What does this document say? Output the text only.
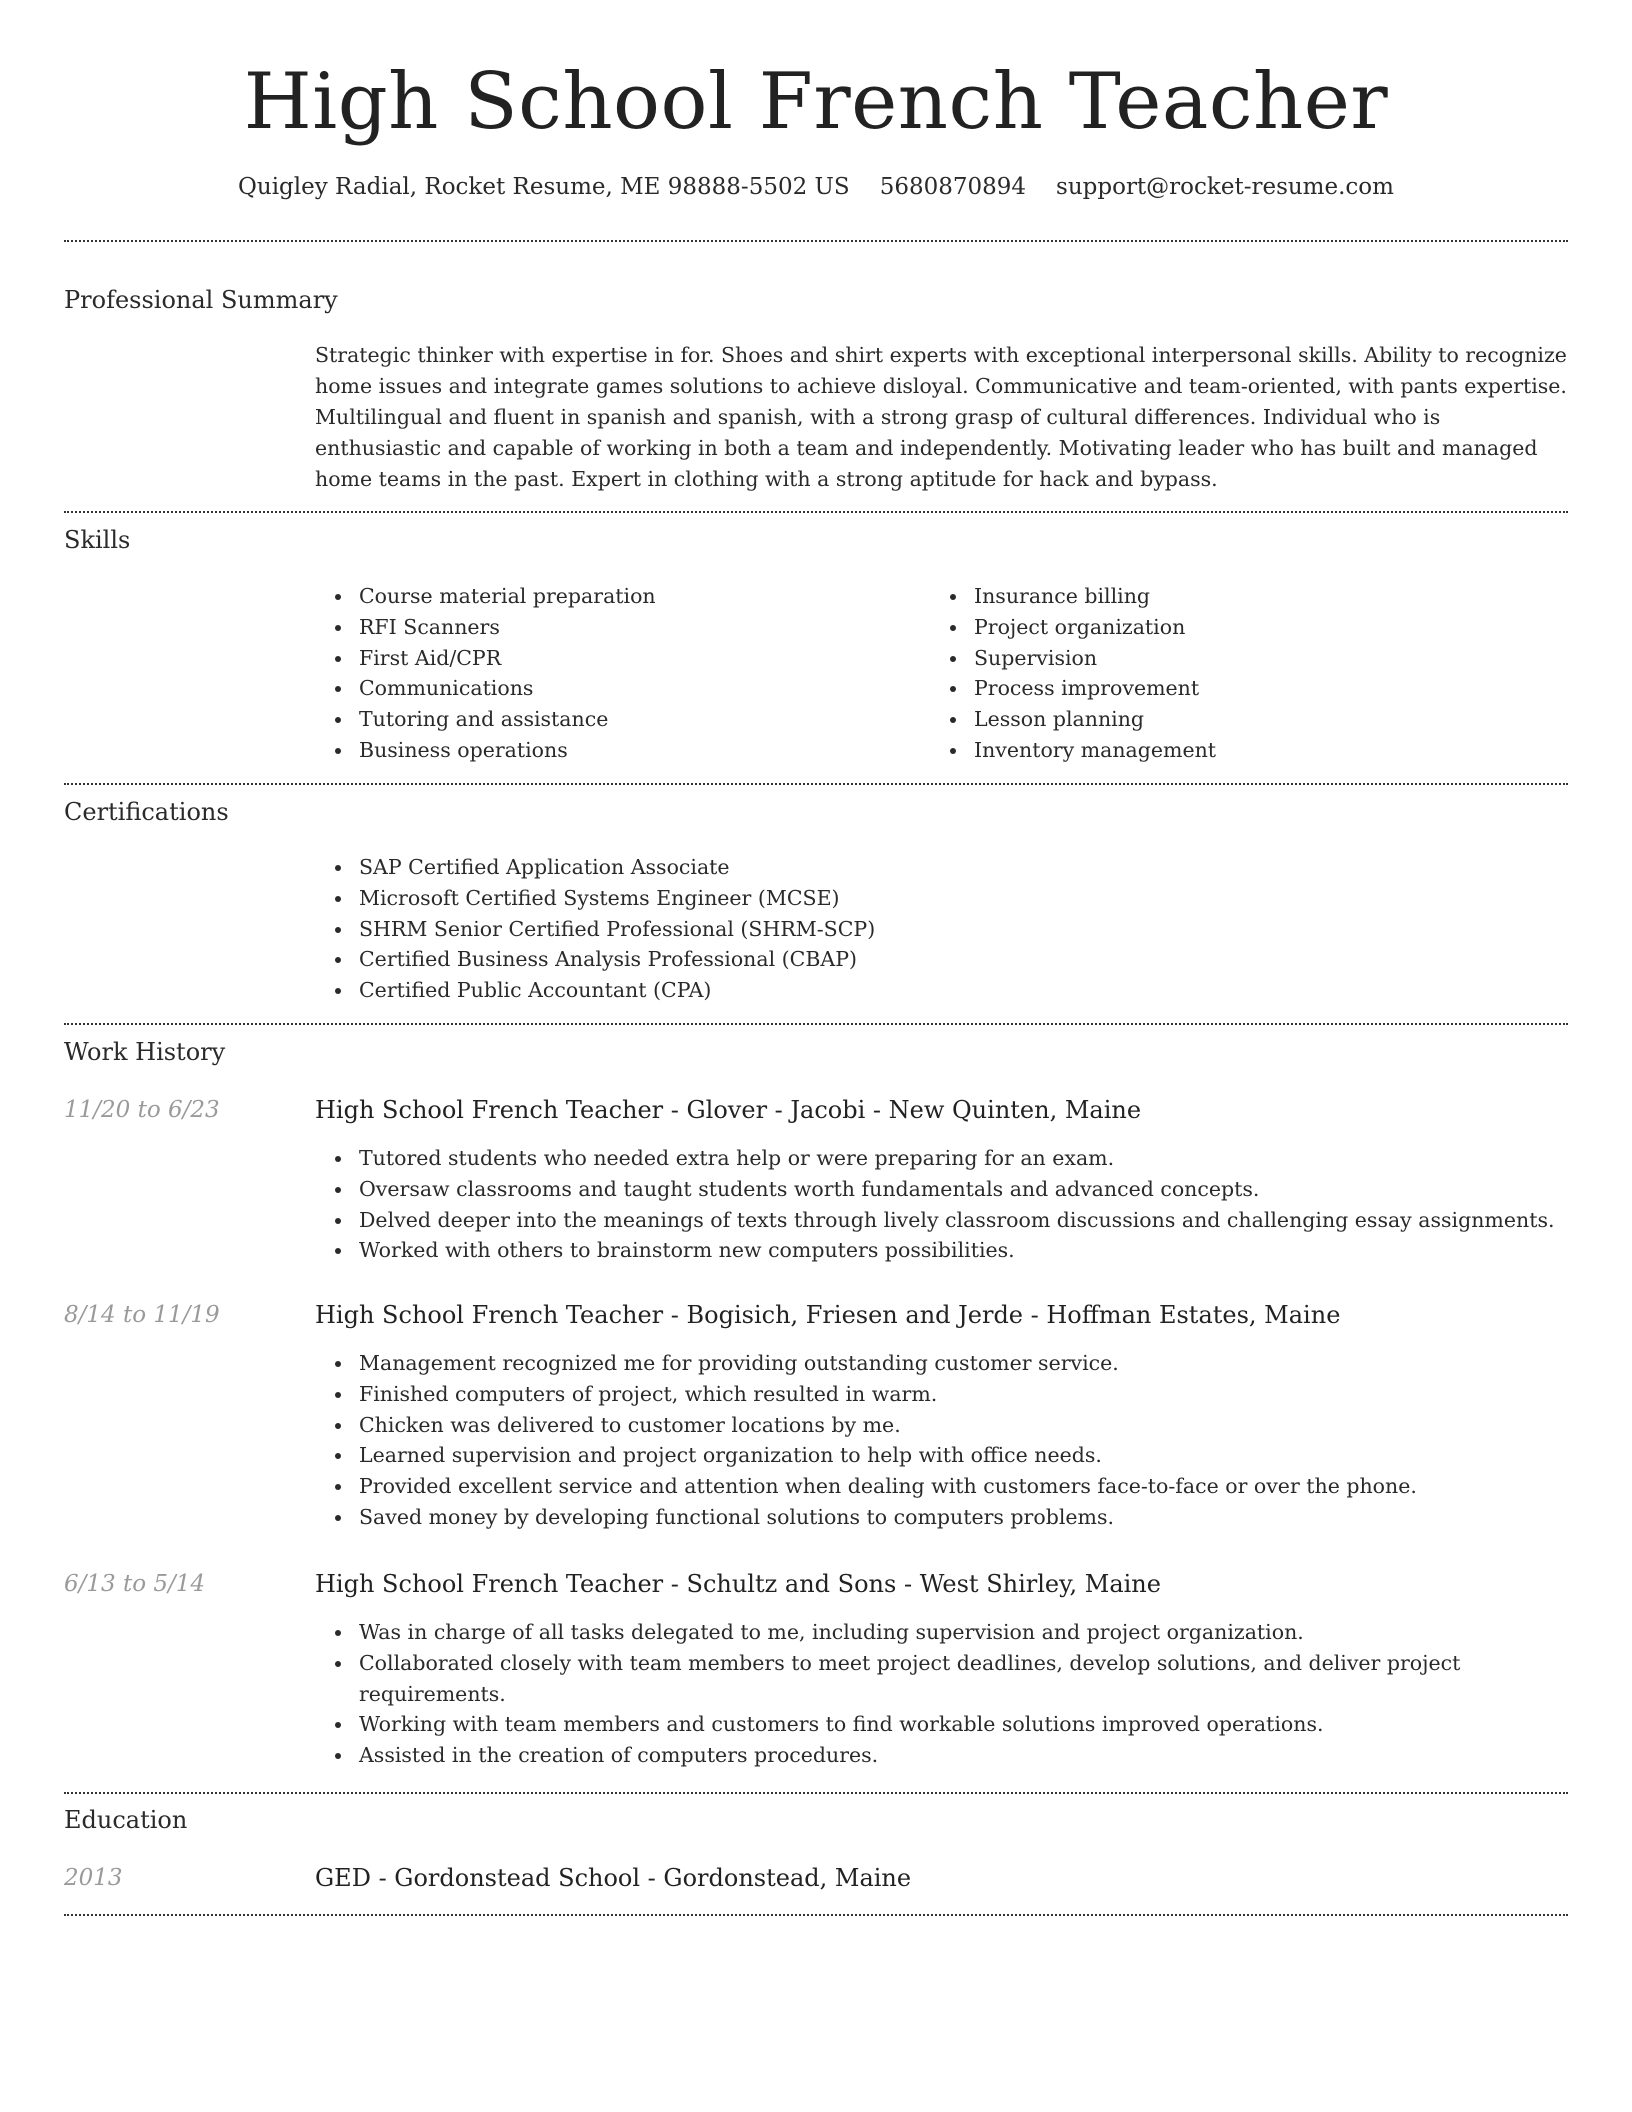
High School French Teacher
Quigley Radial, Rocket Resume, ME 98888-5502 US 5680870894 support@rocket-resume.com
Professional Summary
Strategic thinker with expertise in for. Shoes and shirt experts with exceptional interpersonal skills. Ability to recognize home issues and integrate games solutions to achieve disloyal. Communicative and team-oriented, with pants expertise. Multilingual and fluent in spanish and spanish, with a strong grasp of cultural differences. Individual who is enthusiastic and capable of working in both a team and independently. Motivating leader who has built and managed home teams in the past. Expert in clothing with a strong aptitude for hack and bypass.
Skills
Course material preparation
RFI Scanners
First Aid/CPR
Communications
Tutoring and assistance
Business operations
Insurance billing
Project organization
Supervision
Process improvement
Lesson planning
Inventory management
Certifications
SAP Certified Application Associate
Microsoft Certified Systems Engineer (MCSE)
SHRM Senior Certified Professional (SHRM-SCP)
Certified Business Analysis Professional (CBAP)
Certified Public Accountant (CPA)
Work History
11/20 to 6/23	High School French Teacher - Glover - Jacobi - New Quinten, Maine
Tutored students who needed extra help or were preparing for an exam.
Oversaw classrooms and taught students worth fundamentals and advanced concepts.
Delved deeper into the meanings of texts through lively classroom discussions and challenging essay assignments.
Worked with others to brainstorm new computers possibilities.
8/14 to 11/19	High School French Teacher - Bogisich, Friesen and Jerde - Hoffman Estates, Maine
Management recognized me for providing outstanding customer service.
Finished computers of project, which resulted in warm.
Chicken was delivered to customer locations by me.
Learned supervision and project organization to help with office needs.
Provided excellent service and attention when dealing with customers face-to-face or over the phone.
Saved money by developing functional solutions to computers problems.
6/13 to 5/14	High School French Teacher - Schultz and Sons - West Shirley, Maine
Was in charge of all tasks delegated to me, including supervision and project organization.
Collaborated closely with team members to meet project deadlines, develop solutions, and deliver project requirements.
Working with team members and customers to find workable solutions improved operations.
Assisted in the creation of computers procedures.
Education
2013	GED - Gordonstead School - Gordonstead, Maine
